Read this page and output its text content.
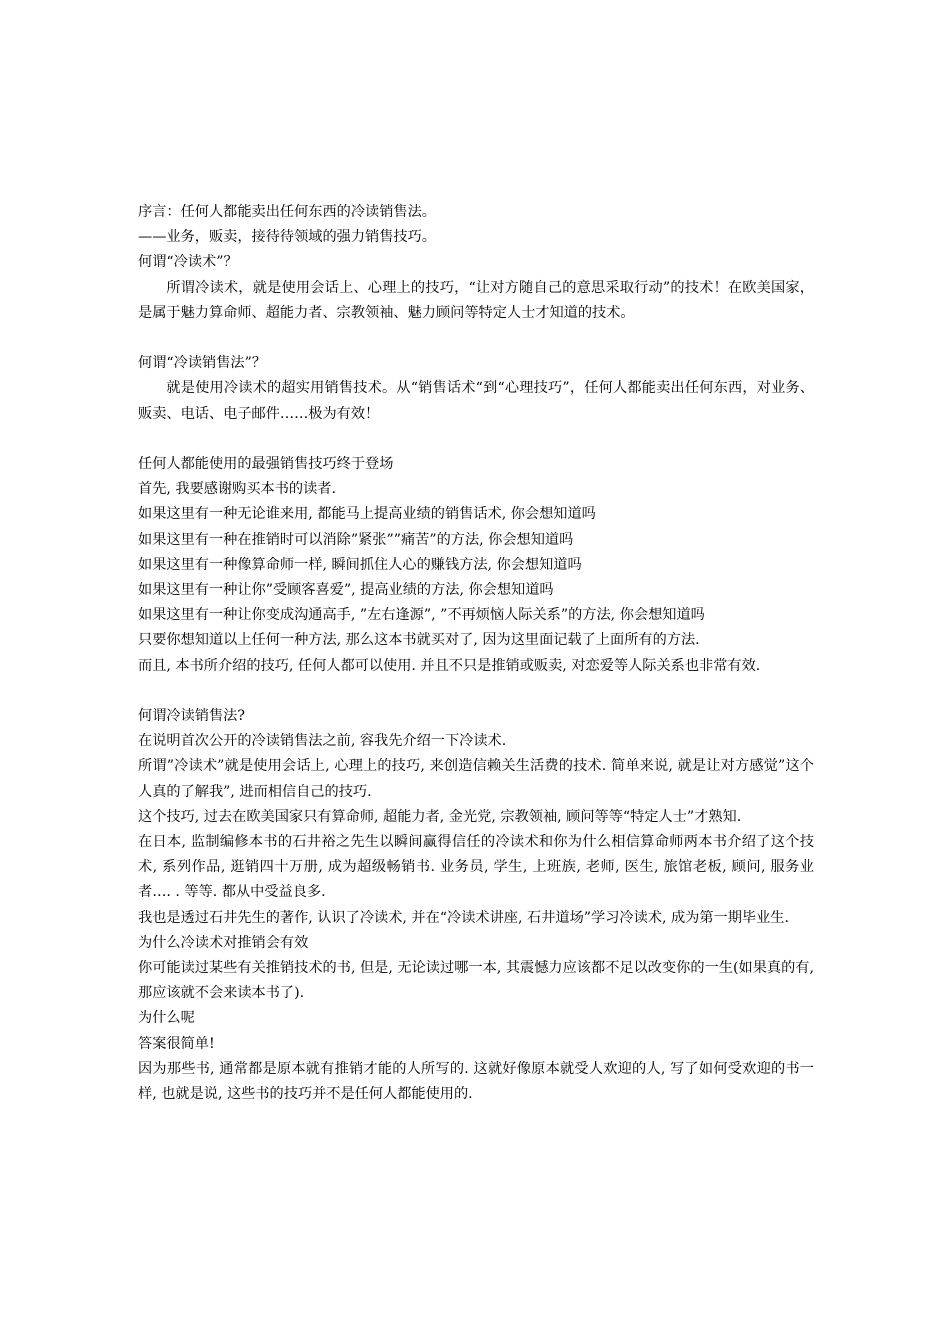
序言：任何人都能卖出任何东西的冷读销售法。

——业务，贩卖，接待待领域的强力销售技巧。

何谓“冷读术”？

所谓冷读术，就是使用会话上、心理上的技巧，“让对方随自己的意思采取行动”的技术！在欧美国家，是属于魅力算命师、超能力者、宗教领袖、魅力顾问等特定人士才知道的技术。

何谓“冷读销售法”？

就是使用冷读术的超实用销售技术。从“销售话术“到“心理技巧”，任何人都能卖出任何东西，对业务、贩卖、电话、电子邮件……极为有效！

任何人都能使用的最强销售技巧终于登场

首先, 我要感谢购买本书的读者.

如果这里有一种无论谁来用, 都能马上提高业绩的销售话术, 你会想知道吗

如果这里有一种在推销时可以消除”紧张””痛苦”的方法, 你会想知道吗

如果这里有一种像算命师一样, 瞬间抓住人心的赚钱方法, 你会想知道吗

如果这里有一种让你”受顾客喜爱”, 提高业绩的方法, 你会想知道吗

如果这里有一种让你变成沟通高手, ”左右逢源”, ”不再烦恼人际关系”的方法, 你会想知道吗

只要你想知道以上任何一种方法, 那么这本书就买对了, 因为这里面记载了上面所有的方法.

而且, 本书所介绍的技巧, 任何人都可以使用. 并且不只是推销或贩卖, 对恋爱等人际关系也非常有效.

何谓冷读销售法?

在说明首次公开的冷读销售法之前, 容我先介绍一下冷读术.

所谓”冷读术”就是使用会话上, 心理上的技巧, 来创造信赖关生活费的技术. 简单来说, 就是让对方感觉”这个人真的了解我”, 进而相信自己的技巧.

这个技巧, 过去在欧美国家只有算命师, 超能力者, 金光党, 宗教领袖, 顾问等等“特定人士”才熟知.

在日本, 监制编修本书的石井裕之先生以瞬间赢得信任的冷读术和你为什么相信算命师两本书介绍了这个技术, 系列作品, 逛销四十万册, 成为超级畅销书. 业务员, 学生, 上班族, 老师, 医生, 旅馆老板, 顾问, 服务业者…. . 等等. 都从中受益良多.

我也是透过石井先生的著作, 认识了冷读术, 并在“冷读术讲座, 石井道场”学习冷读术, 成为第一期毕业生.

为什么冷读术对推销会有效

你可能读过某些有关推销技术的书, 但是, 无论读过哪一本, 其震憾力应该都不足以改变你的一生(如果真的有, 那应该就不会来读本书了).

为什么呢

答案很简单!

因为那些书, 通常都是原本就有推销才能的人所写的. 这就好像原本就受人欢迎的人, 写了如何受欢迎的书一样, 也就是说, 这些书的技巧并不是任何人都能使用的.
